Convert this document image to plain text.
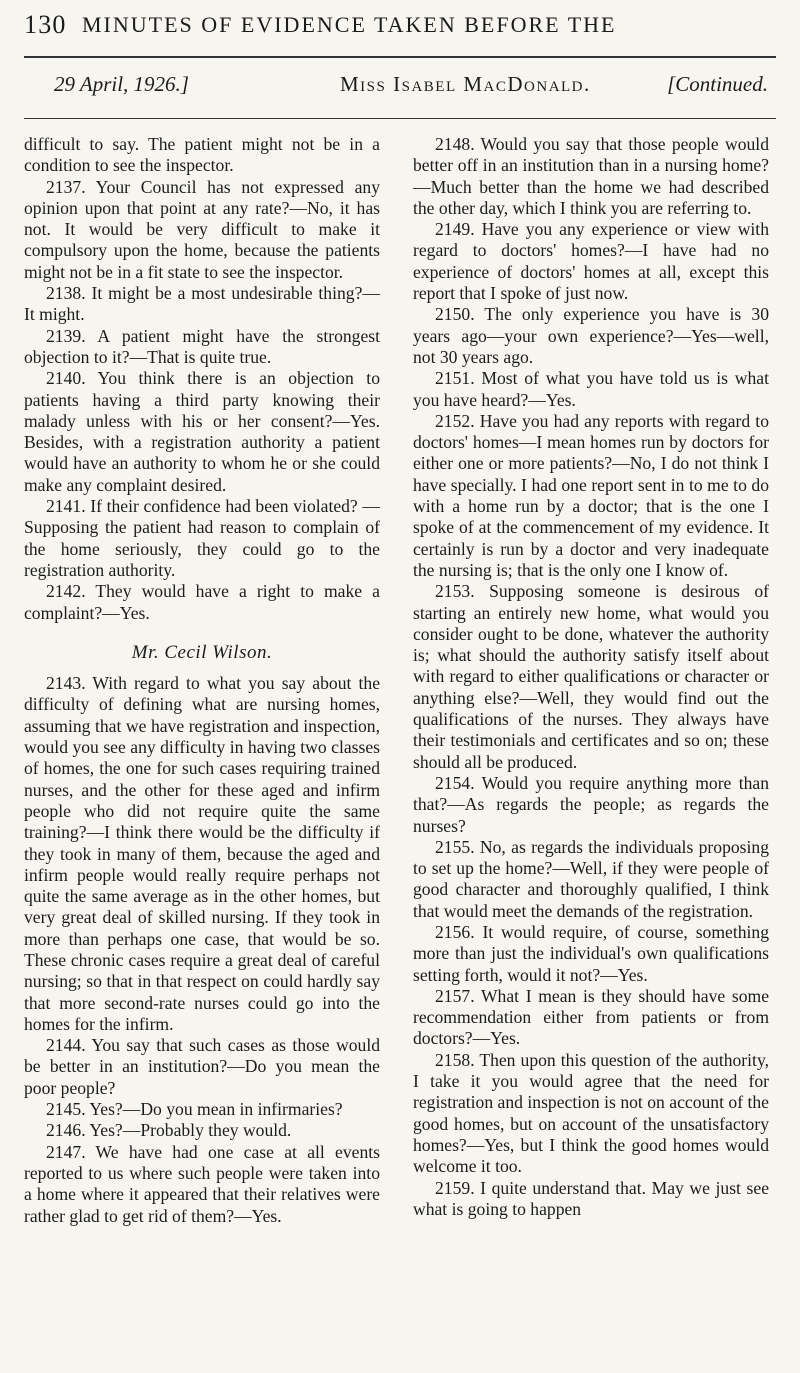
130 MINUTES OF EVIDENCE TAKEN BEFORE THE
29 April, 1926.]	Miss Isabel MacDonald.	[Continued.

difficult to say. The patient might not be in a condition to see the inspector.

2137. Your Council has not expressed any opinion upon that point at any rate?—No, it has not. It would be very difficult to make it compulsory upon the home, because the patients might not be in a fit state to see the inspector.

2138. It might be a most undesirable thing?—It might.

2139. A patient might have the strongest objection to it?—That is quite true.

2140. You think there is an objection to patients having a third party knowing their malady unless with his or her consent?—Yes. Besides, with a registration authority a patient would have an authority to whom he or she could make any complaint desired.

2141. If their confidence had been violated? — Supposing the patient had reason to complain of the home seriously, they could go to the registration authority.

2142. They would have a right to make a complaint?—Yes.

Mr. Cecil Wilson.

2143. With regard to what you say about the difficulty of defining what are nursing homes, assuming that we have registration and inspection, would you see any difficulty in having two classes of homes, the one for such cases requiring trained nurses, and the other for these aged and infirm people who did not require quite the same training?—I think there would be the difficulty if they took in many of them, because the aged and infirm people would really require perhaps not quite the same average as in the other homes, but very great deal of skilled nursing. If they took in more than perhaps one case, that would be so. These chronic cases require a great deal of careful nursing; so that in that respect on could hardly say that more second-rate nurses could go into the homes for the infirm.

2144. You say that such cases as those would be better in an institution?—Do you mean the poor people?

2145. Yes?—Do you mean in infirmaries?

2146. Yes?—Probably they would.

2147. We have had one case at all events reported to us where such people were taken into a home where it appeared that their relatives were rather glad to get rid of them?—Yes.

2148. Would you say that those people would better off in an institution than in a nursing home?—Much better than the home we had described the other day, which I think you are referring to.

2149. Have you any experience or view with regard to doctors' homes?—I have had no experience of doctors' homes at all, except this report that I spoke of just now.

2150. The only experience you have is 30 years ago—your own experience?—Yes—well, not 30 years ago.

2151. Most of what you have told us is what you have heard?—Yes.

2152. Have you had any reports with regard to doctors' homes—I mean homes run by doctors for either one or more patients?—No, I do not think I have specially. I had one report sent in to me to do with a home run by a doctor; that is the one I spoke of at the commencement of my evidence. It certainly is run by a doctor and very inadequate the nursing is; that is the only one I know of.

2153. Supposing someone is desirous of starting an entirely new home, what would you consider ought to be done, whatever the authority is; what should the authority satisfy itself about with regard to either qualifications or character or anything else?—Well, they would find out the qualifications of the nurses. They always have their testimonials and certificates and so on; these should all be produced.

2154. Would you require anything more than that?—As regards the people; as regards the nurses?

2155. No, as regards the individuals proposing to set up the home?—Well, if they were people of good character and thoroughly qualified, I think that would meet the demands of the registration.

2156. It would require, of course, something more than just the individual's own qualifications setting forth, would it not?—Yes.

2157. What I mean is they should have some recommendation either from patients or from doctors?—Yes.

2158. Then upon this question of the authority, I take it you would agree that the need for registration and inspection is not on account of the good homes, but on account of the unsatisfactory homes?—Yes, but I think the good homes would welcome it too.

2159. I quite understand that. May we just see what is going to happen
